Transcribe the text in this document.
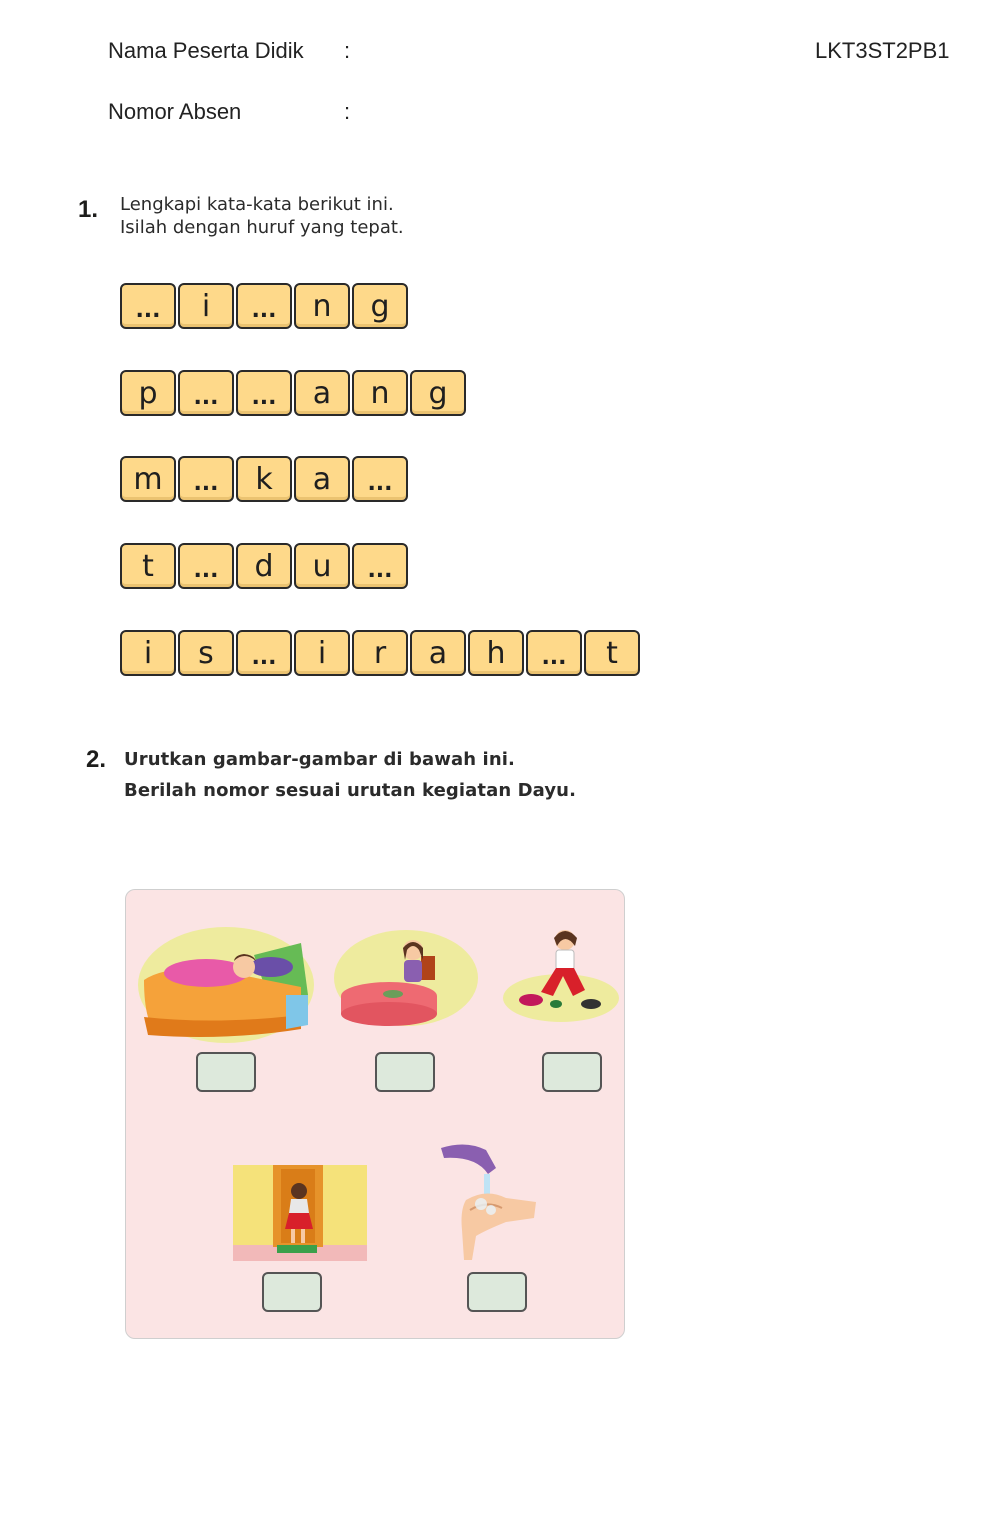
Nama Peserta Didik :	LKT3ST2PB1
Nomor Absen	:
1. Lengkapi kata-kata berikut ini.
Isilah dengan huruf yang tepat.
...	i	...	n	g
p	...	...	a	n	g
m	...	k	a	...
t	...	d	u	...
i	s	...	i	r	a	h	...	t
2. Urutkan gambar-gambar di bawah ini.
Berilah nomor sesuai urutan kegiatan Dayu.
